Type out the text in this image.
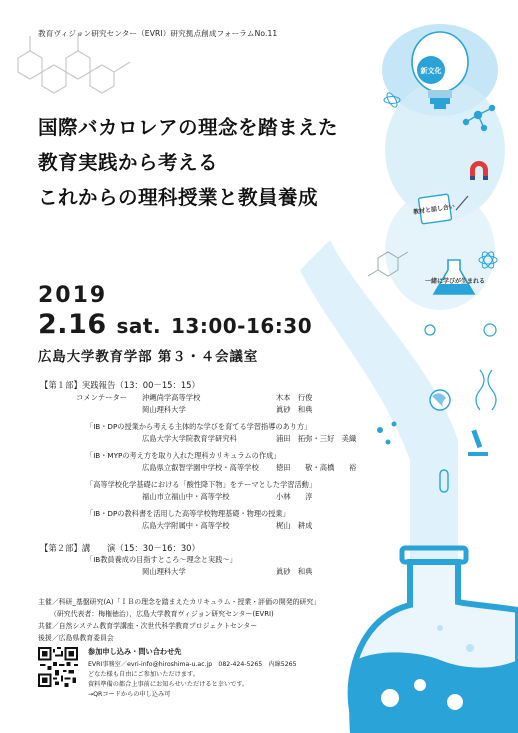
新文化
教材と話し合い
一緒に学びが生まれる
教育ヴィジョン研究センター（EVRI）研究拠点創成フォーラムNo.11
国際バカロレアの理念を踏まえた
教育実践から考える
これからの理科授業と教員養成
2019
2.16 sat. 13:00-16:30
広島大学教育学部 第３・４会議室
【第１部】実践報告（13：00－15：15）
コメンテーター 沖縄尚学高等学校	木本　行俊
岡山理科大学	眞砂　和典
「IB・DPの授業から考える主体的な学びを育てる学習指導のあり方」
広島大学大学院教育学研究科	浦田　拓弥・三好　美織
「IB・MYPの考え方を取り入れた理科カリキュラムの作成」
広島県立叡智学園中学校・高等学校 徳田　　敬・高橋　　裕
「高等学校化学基礎における「酸性降下物」をテーマとした学習活動」
福山市立福山中・高等学校	小林　　淳
「IB・DPの教科書を活用した高等学校物理基礎・物理の授業」
広島大学附属中・高等学校	梶山　耕成
【第２部】講　　演（15：30－16：30）
「IB教員養成の目指すところ〜理念と実践〜」
岡山理科大学	眞砂　和典
主催／科研_基盤研究(A)「ＩＢの理念を踏まえたカリキュラム・授業・評価の開発的研究」
（研究代表者：梅権徳治），広島大学教育ヴィジョン研究センター(EVRI)
共催／自然システム教育学講座・次世代科学教育プロジェクトセンター
後援／広島県教育委員会
参加申し込み・問い合わせ先
EVRI事務室／evri-info@hiroshima-u.ac.jp　082-424-5265　内線5265
どなた様も自由にご参加いただけます。
資料準備の都合上事前にお知らせいただけると幸いです。
→QRコードからの申し込み可
